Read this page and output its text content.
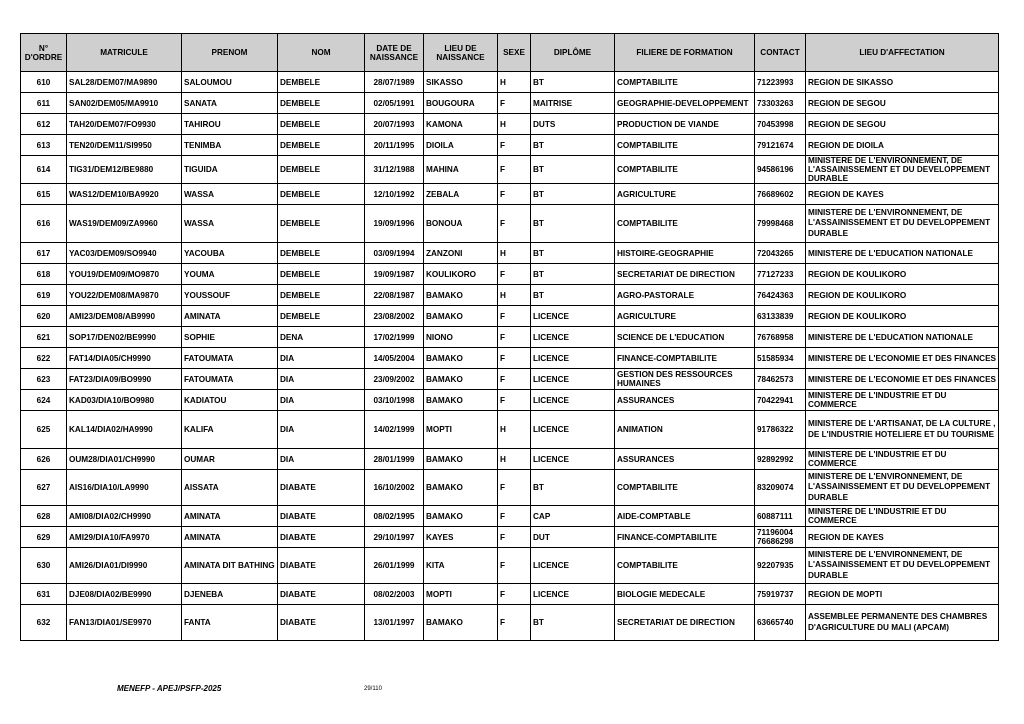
N° D'ORDRE	MATRICULE	PRENOM	NOM	DATE DE NAISSANCE	LIEU DE NAISSANCE	SEXE	DIPLÔME	FILIERE DE FORMATION	CONTACT	LIEU D'AFFECTATION
610	SAL28/DEM07/MA9890	SALOUMOU	DEMBELE	28/07/1989	SIKASSO	H	BT	COMPTABILITE	71223993	REGION DE SIKASSO
611	SAN02/DEM05/MA9910	SANATA	DEMBELE	02/05/1991	BOUGOURA	F	MAITRISE	GEOGRAPHIE-DEVELOPPEMENT	73303263	REGION DE SEGOU
612	TAH20/DEM07/FO9930	TAHIROU	DEMBELE	20/07/1993	KAMONA	H	DUTS	PRODUCTION DE VIANDE	70453998	REGION DE SEGOU
613	TEN20/DEM11/SI9950	TENIMBA	DEMBELE	20/11/1995	DIOILA	F	BT	COMPTABILITE	79121674	REGION DE DIOILA
614	TIG31/DEM12/BE9880	TIGUIDA	DEMBELE	31/12/1988	MAHINA	F	BT	COMPTABILITE	94586196	MINISTERE DE L'ENVIRONNEMENT, DE L'ASSAINISSEMENT ET DU DEVELOPPEMENT DURABLE
615	WAS12/DEM10/BA9920	WASSA	DEMBELE	12/10/1992	ZEBALA	F	BT	AGRICULTURE	76689602	REGION DE KAYES
616	WAS19/DEM09/ZA9960	WASSA	DEMBELE	19/09/1996	BONOUA	F	BT	COMPTABILITE	79998468	MINISTERE DE L'ENVIRONNEMENT, DE L'ASSAINISSEMENT ET DU DEVELOPPEMENT DURABLE
617	YAC03/DEM09/SO9940	YACOUBA	DEMBELE	03/09/1994	ZANZONI	H	BT	HISTOIRE-GEOGRAPHIE	72043265	MINISTERE DE L'EDUCATION NATIONALE
618	YOU19/DEM09/MO9870	YOUMA	DEMBELE	19/09/1987	KOULIKORO	F	BT	SECRETARIAT DE DIRECTION	77127233	REGION DE KOULIKORO
619	YOU22/DEM08/MA9870	YOUSSOUF	DEMBELE	22/08/1987	BAMAKO	H	BT	AGRO-PASTORALE	76424363	REGION DE KOULIKORO
620	AMI23/DEM08/AB9990	AMINATA	DEMBELE	23/08/2002	BAMAKO	F	LICENCE	AGRICULTURE	63133839	REGION DE KOULIKORO
621	SOP17/DEN02/BE9990	SOPHIE	DENA	17/02/1999	NIONO	F	LICENCE	SCIENCE DE L'EDUCATION	76768958	MINISTERE DE L'EDUCATION NATIONALE
622	FAT14/DIA05/CH9990	FATOUMATA	DIA	14/05/2004	BAMAKO	F	LICENCE	FINANCE-COMPTABILITE	51585934	MINISTERE DE L'ECONOMIE ET DES FINANCES
623	FAT23/DIA09/BO9990	FATOUMATA	DIA	23/09/2002	BAMAKO	F	LICENCE	GESTION DES RESSOURCES HUMAINES	78462573	MINISTERE DE L'ECONOMIE ET DES FINANCES
624	KAD03/DIA10/BO9980	KADIATOU	DIA	03/10/1998	BAMAKO	F	LICENCE	ASSURANCES	70422941	MINISTERE DE L'INDUSTRIE ET DU COMMERCE
625	KAL14/DIA02/HA9990	KALIFA	DIA	14/02/1999	MOPTI	H	LICENCE	ANIMATION	91786322	MINISTERE DE L'ARTISANAT, DE LA CULTURE , DE L'INDUSTRIE HOTELIERE ET DU TOURISME
626	OUM28/DIA01/CH9990	OUMAR	DIA	28/01/1999	BAMAKO	H	LICENCE	ASSURANCES	92892992	MINISTERE DE L'INDUSTRIE ET DU COMMERCE
627	AIS16/DIA10/LA9990	AISSATA	DIABATE	16/10/2002	BAMAKO	F	BT	COMPTABILITE	83209074	MINISTERE DE L'ENVIRONNEMENT, DE L'ASSAINISSEMENT ET DU DEVELOPPEMENT DURABLE
628	AMI08/DIA02/CH9990	AMINATA	DIABATE	08/02/1995	BAMAKO	F	CAP	AIDE-COMPTABLE	60887111	MINISTERE DE L'INDUSTRIE ET DU COMMERCE
629	AMI29/DIA10/FA9970	AMINATA	DIABATE	29/10/1997	KAYES	F	DUT	FINANCE-COMPTABILITE	71196004 76686298	REGION DE KAYES
630	AMI26/DIA01/DI9990	AMINATA DIT BATHING	DIABATE	26/01/1999	KITA	F	LICENCE	COMPTABILITE	92207935	MINISTERE DE L'ENVIRONNEMENT, DE L'ASSAINISSEMENT ET DU DEVELOPPEMENT DURABLE
631	DJE08/DIA02/BE9990	DJENEBA	DIABATE	08/02/2003	MOPTI	F	LICENCE	BIOLOGIE MEDECALE	75919737	REGION DE MOPTI
632	FAN13/DIA01/SE9970	FANTA	DIABATE	13/01/1997	BAMAKO	F	BT	SECRETARIAT DE DIRECTION	63665740	ASSEMBLEE PERMANENTE DES CHAMBRES D'AGRICULTURE DU MALI (APCAM)
MENEFP - APEJ/PSFP-2025	29/110
